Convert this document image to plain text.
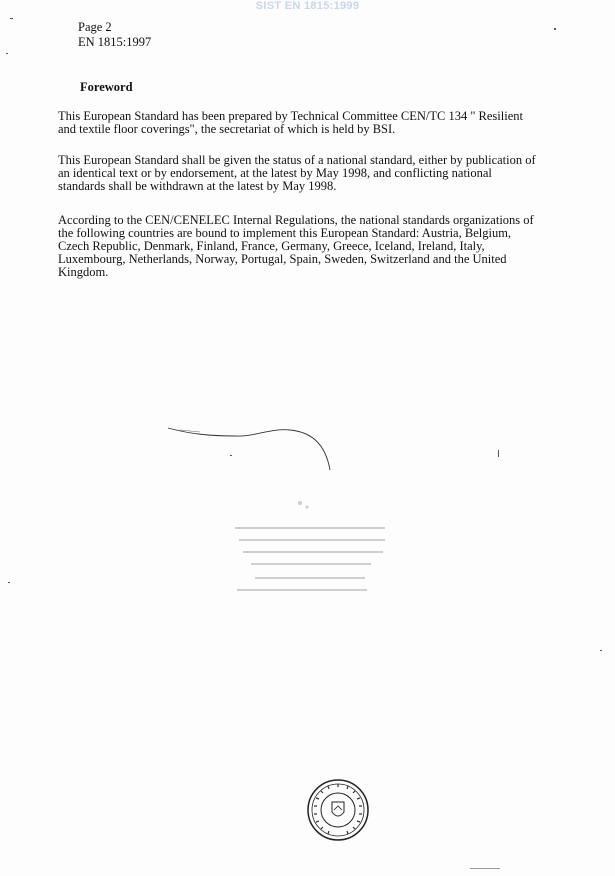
SIST EN 1815:1999
Page 2
EN 1815:1997
Foreword
This European Standard has been prepared by Technical Committee CEN/TC 134 " Resilient and textile floor coverings", the secretariat of which is held by BSI.
This European Standard shall be given the status of a national standard, either by publication of an identical text or by endorsement, at the latest by May 1998, and conflicting national standards shall be withdrawn at the latest by May 1998.
According to the CEN/CENELEC Internal Regulations, the national standards organizations of the following countries are bound to implement this European Standard: Austria, Belgium, Czech Republic, Denmark, Finland, France, Germany, Greece, Iceland, Ireland, Italy, Luxembourg, Netherlands, Norway, Portugal, Spain, Sweden, Switzerland and the United Kingdom.
